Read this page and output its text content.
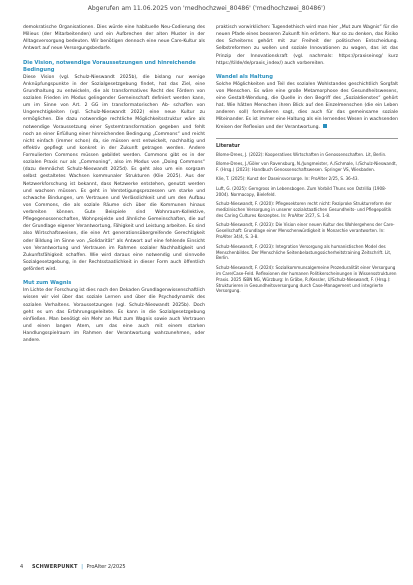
Abgerufen am 11.06.2025 von 'medhochzwei_80486' ('medhochzwei_80486')

demokratische Organisationen. Dies würde eine habituelle Neu-Codierung des Milieus (der Mitarbeitenden) und ein Aufbrechen der alten Muster in der Alltagsversorgung bedeuten. Wir benötigen dennoch eine neue Care-Kultur als Antwort auf neue Versorgungsbedarfe.

Die Vision, notwendige Voraussetzungen und hinreichende Bedingung

Diese Vision (vgl. Schulz-Nieswandt 2025b), die bislang nur wenige Anknüpfungspunkte in der Sozialgesetzgebung findet, hat das Ziel, eine Grundhaltung zu entwickeln, die als transformatives Recht des Fördern von sozialen Frieden im Modus gelingender Gemeinschaft definiert werden kann, um im Sinne von Art. 2 GG im transformatorischen Ab- schaffen von Ungerechtigkeiten (vgl. Schulz-Nieswandt 2022) eine neue Kultur zu ermöglichen. Die dazu notwendige rechtliche Möglichkeitsstruktur wäre als notwendige Voraussetzung einer Systemtransformation gegeben und fehlt noch an einer Erfüllung einer hinreichenden Bedingung „Commons“ und reicht nicht einfach (immer schon) da, sie müssen erst entwickelt, nachhaltig und effektiv gepflegt und konkret in der Zukunft getragen werden. Andere Formulierten Commons müssen gebildet werden. Commons gibt es in der sozialen Praxis nur als „Commoning“, also im Modus von „Doing Commons“ (dazu demnächst Schulz-Nieswandt 2025d). Es geht also um ein sorgsam selbst gestaltetes Wachsen kommunaler Strukturen (Klie 2025). Aus der Netzwerkforschung ist bekannt, dass Netzwerke entstehen, genutzt werden und wachsen müssen. Es geht in Verstetigungsprozessen um starke und schwache Bindungen, um Vertrauen und Verlässlichkeit und um den Aufbau von Commons, die als soziale Räume sich über die Kommunen hinaus verbreiten können. Gute Beispiele sind Wohnraum-Kollektive, Pflegegenossenschaften, Wohnprojekte und ähnliche Gemeinschaften, die auf der Grundlage eigener Verantwortung, Fähigkeit und Leistung arbeiten. Es sind also Wirtschaftsweisen, die eine Art generationsübergreifende Gerechtigkeit oder Bildung im Sinne von „Solidarität“ als Antwort auf eine fehlende Einsicht von Verantwortung und Vertrauen im Rahmen sozialer Nachhaltigkeit und Zukunftsfähigkeit schaffen. Wie wird daraus eine notwendig und sinnvolle Sozialgesetzgebung, in der Rechtsstaatlichkeit in dieser Form auch öffentlich gefördert wird.

Mut zum Wagnis

Im Lichte der Forschung ist dies nach den Dekaden Grundlagenwissenschaftlich wissen wir viel über das soziale Lernen und über die Psychodynamik des sozialen Verhaltens. Voraussetzungen (vgl. Schulz-Nieswandt 2025b). Doch geht es um das Erfahrungsgeleitete. Es kann in die Sozialgesetzgebung einfließen. Man benötigt ein Mehr an Mut zum Wagnis sowie auch Vertrauen und einen langen Atem, um das eine auch mit einem starken Handlungsspielraum im Rahmen der Verantwortung wahrzunehmen, oder andere.

praktisch vorwirklichen: Tugendethisch wird man hier „Mut zum Wagnis“ für die neuen Pfade eines besseren Zukunft hin erörtern. Nur so zu denken, das Risiko des Scheiterns gehört mit zur Freiheit der politischen Entscheidung. Selbstreformen zu wollen und soziale Innovationen zu wagen, das ist das Prinzip der Innovationskraft (vgl. nachmals: https://praxiseinsg/ kurz https://tilde/de/praxis_index/) auch vorbereiten.

Wandel als Haltung

Solche Möglichkeiten und Teil des sozialen Wohlstandes geschichtlich Sorgfalt von Menschen. Es wäre eine große Metamorphose des Gesundheitswesens, eine Gestalt-Wendung, die Quelle in den Begriff des „Sozialdienstes“ gehört hat. Wie hätten Menschen ihren Blick auf den Einzelmenschen (die ein Leben anderen soll) formulieren sagt, dies auch für das gemeinsame soziale Miteinander. Es ist immer eine Haltung als ein lernendes Wesen in wachsenden Kreisen der Reflexion und der Verantwortung.

Literatur

Blome-Drees, J. (2022): Kooperatives Wirtschaften in Genossenschaften. Lit, Berlin.

Blome-Drees, J./Göler von Ravensburg, N./Jungmeister, A./Schmale, I./Schulz-Nieswandt, F. (Hrsg.) (2023): Handbuch Genossenschaftswesen. Springer VS, Wiesbaden.

Klie, T. (2025): Kunst der Daseinsvorsorge. In: ProAlter 2/25, S. 36-43.

Luft, G. (2025): Gerngross im Lebensbogen. Zum Vorbild Thuns von Ostrillia (1908-2004). Normacopy, Bielefeld.

Schulz-Nieswandt, F. (2020): Pflegesektoren recht nicht: Reziproke Strukturreform der medizinischen Versorgung in unserer sozialstaatlichen Gesundheits- und Pflegepolitik des Caring Cultures Konzeptes. In: ProAlter 2/27, S. 1-8.

Schulz-Nieswandt, F. (2023): Die Vision einer neuen Kultur des Wohlergehens der Care-Gesellschaft: Grundlage einer Menschenwürdigkeit in Monarchie verantworten. In: ProAlter 34/4, S. 3-8.

Schulz-Nieswandt, F. (2023): Integration Versorgung als humanistischen Model des Menschenbildes. Der Menschliche Seitenbelastungssicherheitstraining Zeitschrift. Lit, Berlin.

Schulz-Nieswandt, F. (2024): Sozialkommunsalgemeine Prozeduralität einer Versorgung im Care/Case-Feld. Reflexionen der humanen Politikerscheinungen in Wissensstrukturen Praxis. 2025 ISBN NG, Würzburg: In Gräbe, R./Kessler, U/Schulz-Nieswandt, F. (Hrsg.): Strukturieren in Gesundheitsversorgung durch Case-Management und integrierte Versorgung.

4 SCHWERPUNKT | ProAlter 2/2025
